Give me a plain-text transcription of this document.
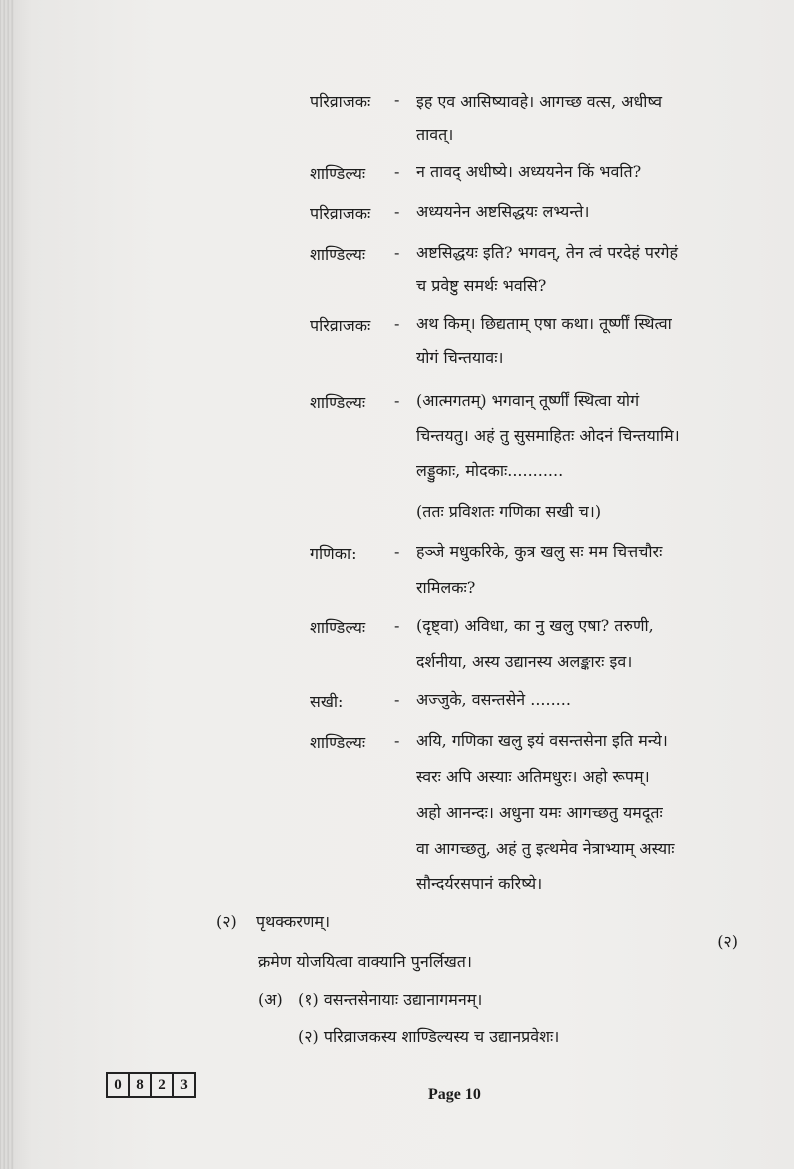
परिव्राजकः - इह एव आसिष्यावहे। आगच्छ वत्स, अधीष्व
तावत्।
शाण्डिल्यः - न तावद् अधीष्ये। अध्ययनेन किं भवति?
परिव्राजकः - अध्ययनेन अष्टसिद्धयः लभ्यन्ते।
शाण्डिल्यः - अष्टसिद्धयः इति? भगवन्, तेन त्वं परदेहं परगेहं
च प्रवेष्टु समर्थः भवसि?
परिव्राजकः - अथ किम्। छिद्यताम् एषा कथा। तूर्ष्णीं स्थित्वा
योगं चिन्तयावः।
शाण्डिल्यः - (आत्मगतम्) भगवान् तूर्ष्णीं स्थित्वा योगं
चिन्तयतु। अहं तु सुसमाहितः ओदनं चिन्तयामि।
लड्डुकाः, मोदकाः...........
(ततः प्रविशतः गणिका सखी च।)
गणिका: - हञ्जे मधुकरिके, कुत्र खलु सः मम चित्तचौरः
रामिलकः?
शाण्डिल्यः - (दृष्ट्वा) अविधा, का नु खलु एषा? तरुणी,
दर्शनीया, अस्य उद्यानस्य अलङ्कारः इव।
सखी:	- अज्जुके, वसन्तसेने ........
शाण्डिल्यः - अयि, गणिका खलु इयं वसन्तसेना इति मन्ये।
स्वरः अपि अस्याः अतिमधुरः। अहो रूपम्।
अहो आनन्दः। अधुना यमः आगच्छतु यमदूतः
वा आगच्छतु, अहं तु इत्थमेव नेत्राभ्याम् अस्याः
सौन्दर्यरसपानं करिष्ये।
(२) पृथक्करणम्।
(२)
क्रमेण योजयित्वा वाक्यानि पुनर्लिखत।
(अ) (१) वसन्तसेनायाः उद्यानागमनम्।
(२) परिव्राजकस्य शाण्डिल्यस्य च उद्यानप्रवेशः।
0 8 2 3
Page 10
